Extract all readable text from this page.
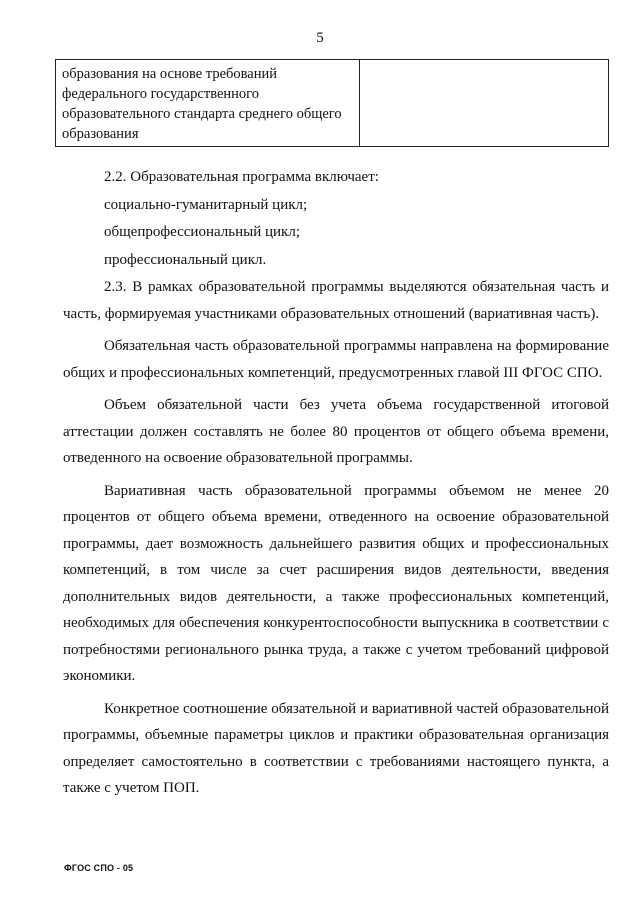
5
образования на основе требований
федерального государственного
образовательного стандарта среднего общего
образования

2.2. Образовательная программа включает:

социально-гуманитарный цикл;

общепрофессиональный цикл;

профессиональный цикл.

2.3. В рамках образовательной программы выделяются обязательная часть и часть, формируемая участниками образовательных отношений (вариативная часть).

Обязательная часть образовательной программы направлена на формирование общих и профессиональных компетенций, предусмотренных главой III ФГОС СПО.

Объем обязательной части без учета объема государственной итоговой аттестации должен составлять не более 80 процентов от общего объема времени, отведенного на освоение образовательной программы.

Вариативная часть образовательной программы объемом не менее 20 процентов от общего объема времени, отведенного на освоение образовательной программы, дает возможность дальнейшего развития общих и профессиональных компетенций, в том числе за счет расширения видов деятельности, введения дополнительных видов деятельности, а также профессиональных компетенций, необходимых для обеспечения конкурентоспособности выпускника в соответствии с потребностями регионального рынка труда, а также с учетом требований цифровой экономики.

Конкретное соотношение обязательной и вариативной частей образовательной программы, объемные параметры циклов и практики образовательная организация определяет самостоятельно в соответствии с требованиями настоящего пункта, а также с учетом ПОП.

ФГОС СПО - 05
